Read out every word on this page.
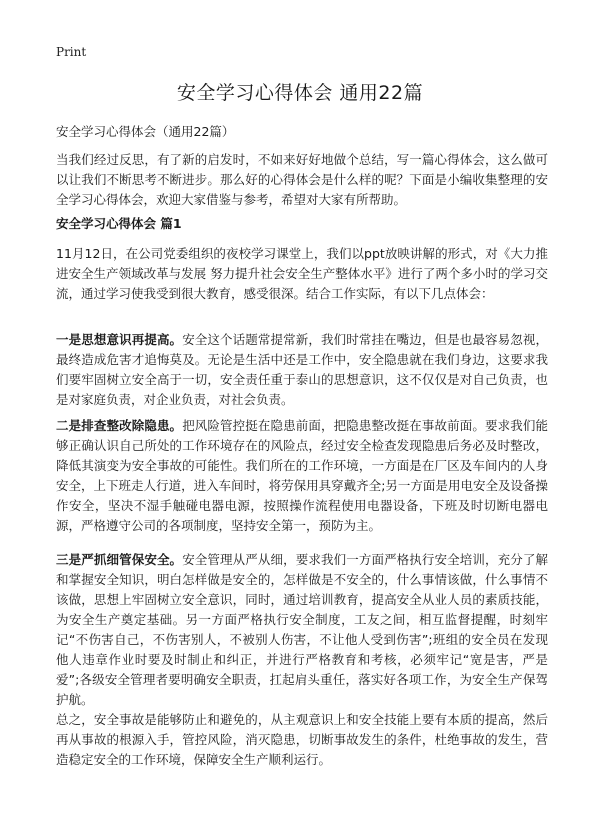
Print
安全学习心得体会 通用22篇

安全学习心得体会（通用22篇）

当我们经过反思，有了新的启发时，不如来好好地做个总结，写一篇心得体会，这么做可以让我们不断思考不断进步。那么好的心得体会是什么样的呢？下面是小编收集整理的安全学习心得体会，欢迎大家借鉴与参考，希望对大家有所帮助。

安全学习心得体会 篇1

11月12日，在公司党委组织的夜校学习课堂上，我们以ppt放映讲解的形式，对《大力推进安全生产领域改革与发展 努力提升社会安全生产整体水平》进行了两个多小时的学习交流，通过学习使我受到很大教育，感受很深。结合工作实际，有以下几点体会：

一是思想意识再提高。安全这个话题常提常新，我们时常挂在嘴边，但是也最容易忽视，最终造成危害才追悔莫及。无论是生活中还是工作中，安全隐患就在我们身边，这要求我们要牢固树立安全高于一切，安全责任重于泰山的思想意识，这不仅仅是对自己负责，也是对家庭负责，对企业负责，对社会负责。

二是排查整改除隐患。把风险管控挺在隐患前面，把隐患整改挺在事故前面。要求我们能够正确认识自己所处的工作环境存在的风险点，经过安全检查发现隐患后务必及时整改，降低其演变为安全事故的可能性。我们所在的工作环境，一方面是在厂区及车间内的人身安全，上下班走人行道，进入车间时，将劳保用具穿戴齐全;另一方面是用电安全及设备操作安全，坚决不湿手触碰电器电源，按照操作流程使用电器设备，下班及时切断电器电源，严格遵守公司的各项制度，坚持安全第一，预防为主。

三是严抓细管保安全。安全管理从严从细，要求我们一方面严格执行安全培训，充分了解和掌握安全知识，明白怎样做是安全的，怎样做是不安全的，什么事情该做，什么事情不该做，思想上牢固树立安全意识，同时，通过培训教育，提高安全从业人员的素质技能，为安全生产奠定基础。另一方面严格执行安全制度，工友之间，相互监督提醒，时刻牢记“不伤害自己，不伤害别人，不被别人伤害，不让他人受到伤害”;班组的安全员在发现他人违章作业时要及时制止和纠正，并进行严格教育和考核，必须牢记“宽是害，严是爱”;各级安全管理者要明确安全职责，扛起肩头重任，落实好各项工作，为安全生产保驾护航。

总之，安全事故是能够防止和避免的，从主观意识上和安全技能上要有本质的提高，然后再从事故的根源入手，管控风险，消灭隐患，切断事故发生的条件，杜绝事故的发生，营造稳定安全的工作环境，保障安全生产顺利运行。
